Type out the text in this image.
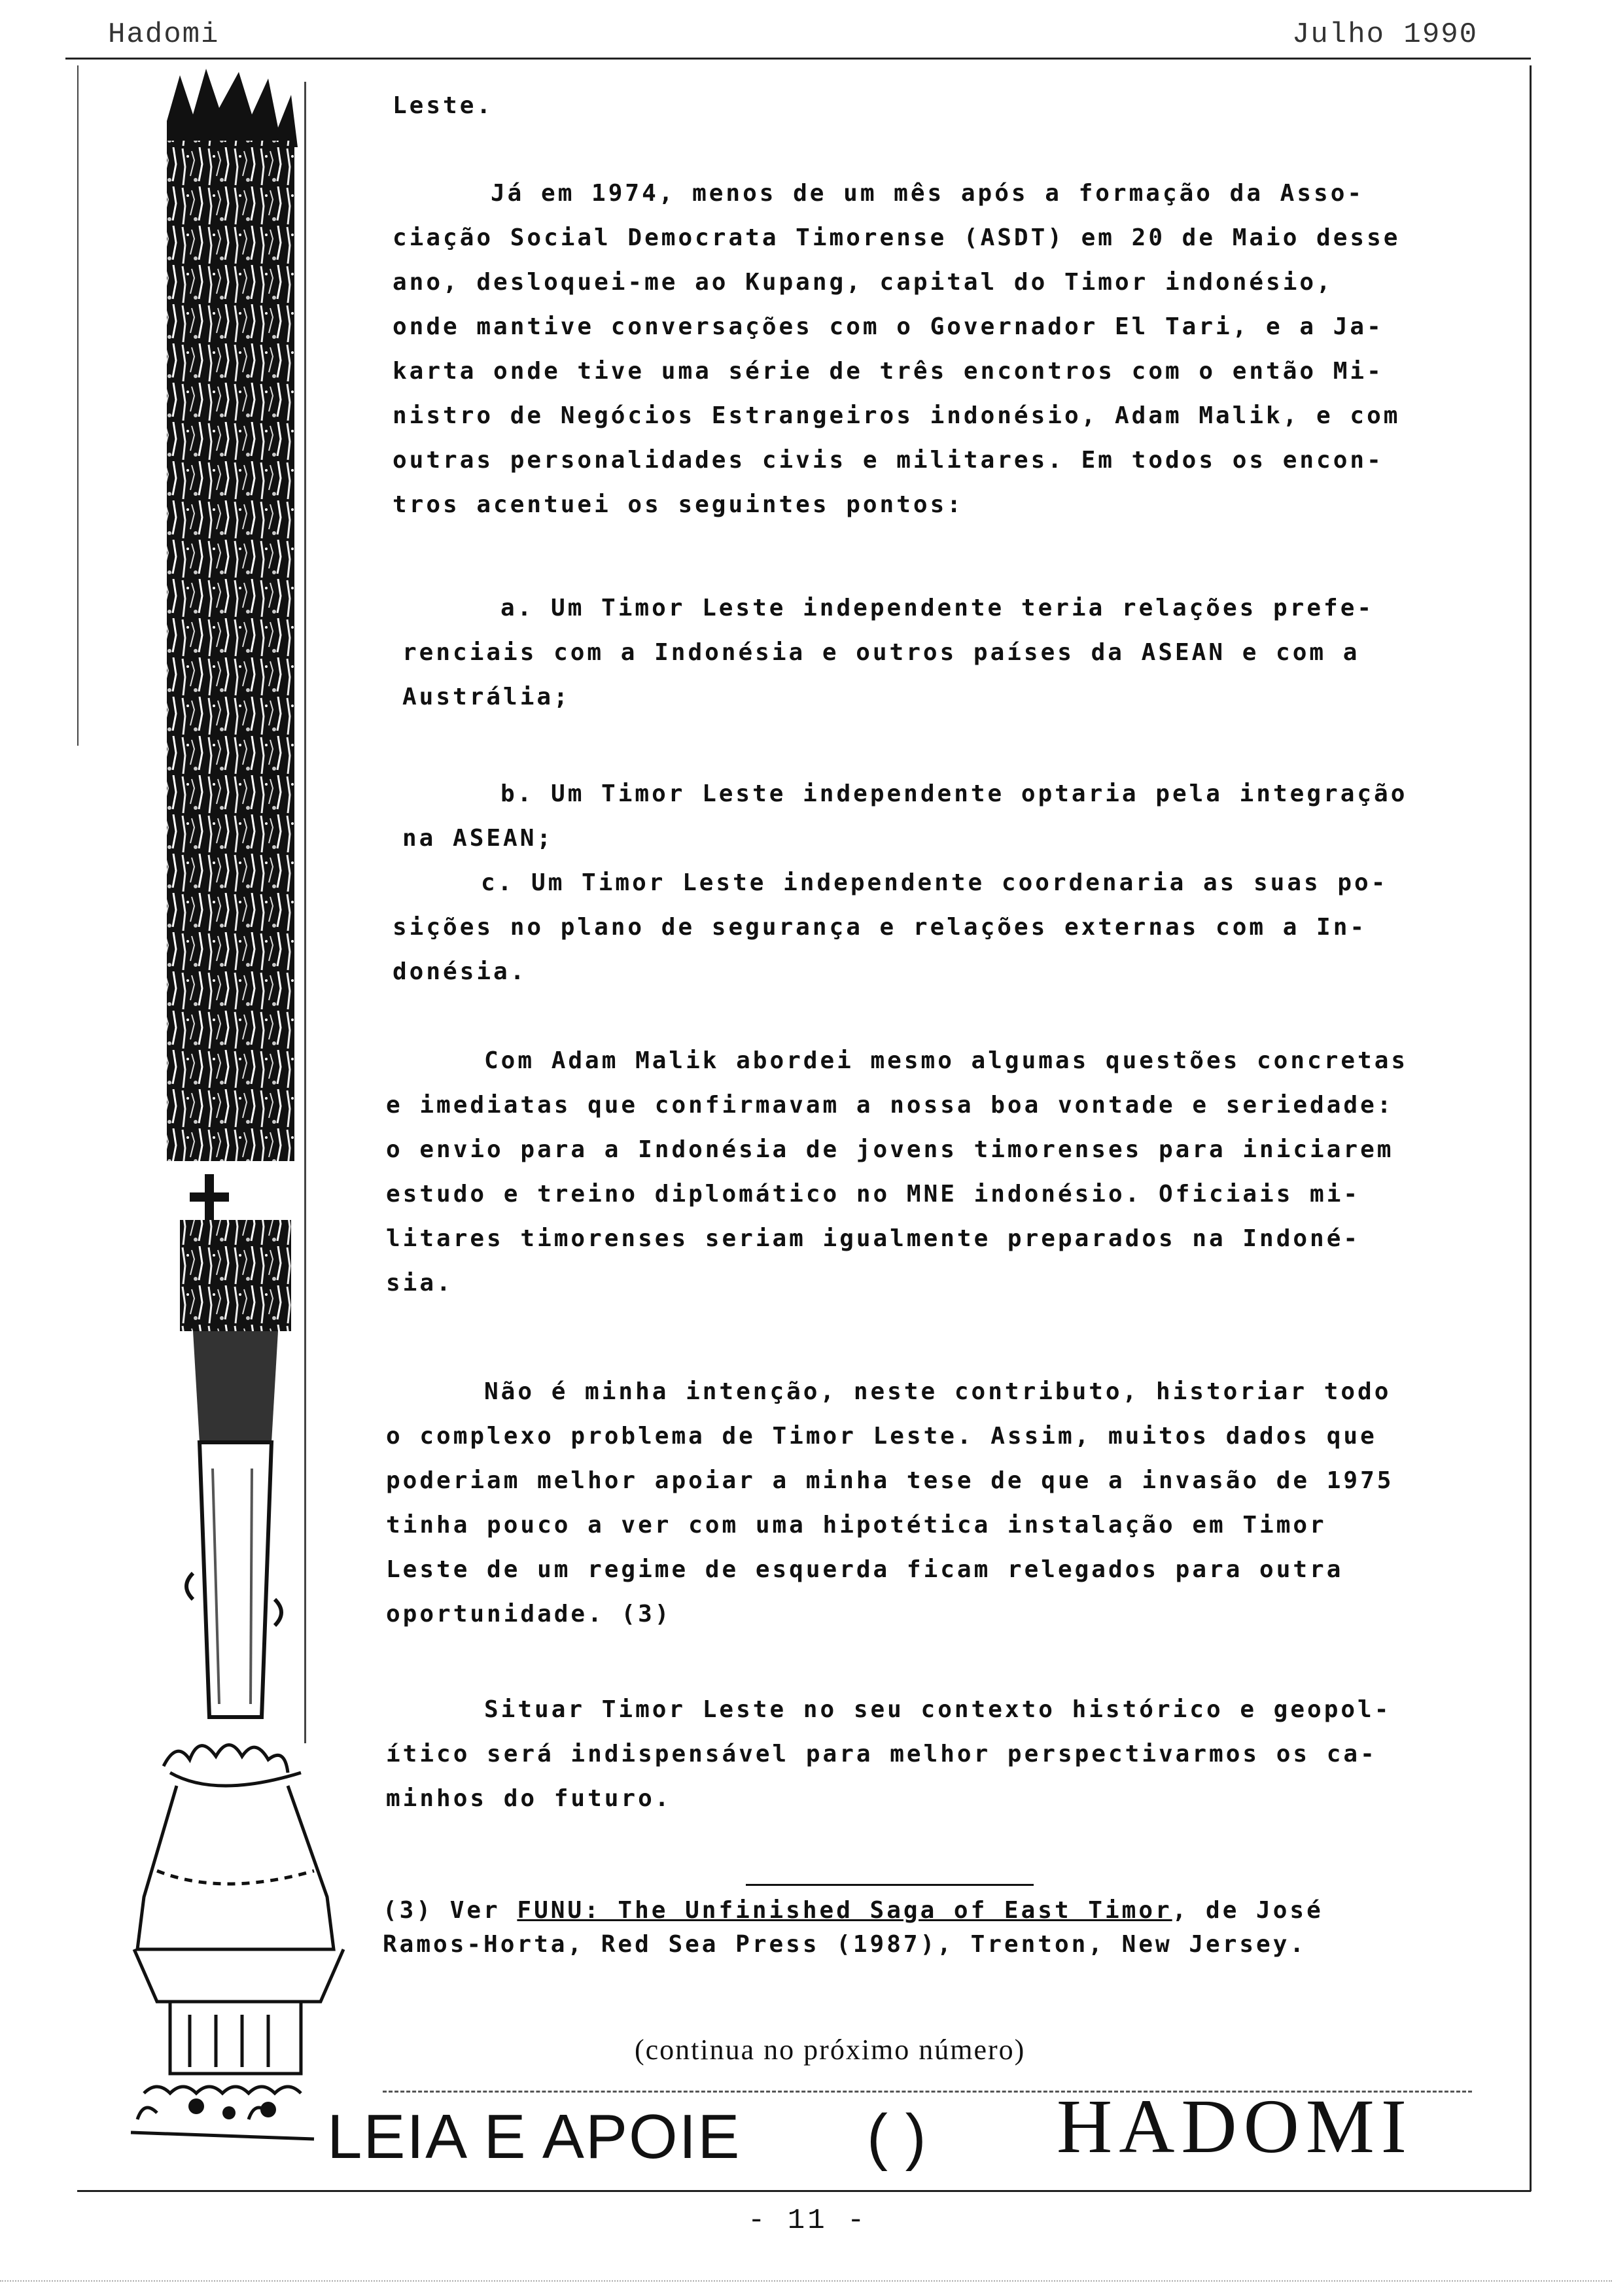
Hadomi	Julho 1990
Leste.
Já em 1974, menos de um mês após a formação da Asso-
ciação Social Democrata Timorense (ASDT) em 20 de Maio desse
ano, desloquei-me ao Kupang, capital do Timor indonésio,
onde mantive conversações com o Governador El Tari, e a Ja-
karta onde tive uma série de três encontros com o então Mi-
nistro de Negócios Estrangeiros indonésio, Adam Malik, e com
outras personalidades civis e militares. Em todos os encon-
tros acentuei os seguintes pontos:
a. Um Timor Leste independente teria relações prefe-
renciais com a Indonésia e outros países da ASEAN e com a
Austrália;
b. Um Timor Leste independente optaria pela integração
na ASEAN;
c. Um Timor Leste independente coordenaria as suas po-
sições no plano de segurança e relações externas com a In-
donésia.
Com Adam Malik abordei mesmo algumas questões concretas
e imediatas que confirmavam a nossa boa vontade e seriedade:
o envio para a Indonésia de jovens timorenses para iniciarem
estudo e treino diplomático no MNE indonésio. Oficiais mi-
litares timorenses seriam igualmente preparados na Indoné-
sia.
Não é minha intenção, neste contributo, historiar todo
o complexo problema de Timor Leste. Assim, muitos dados que
poderiam melhor apoiar a minha tese de que a invasão de 1975
tinha pouco a ver com uma hipotética instalação em Timor
Leste de um regime de esquerda ficam relegados para outra
oportunidade. (3)
Situar Timor Leste no seu contexto histórico e geopol-
ítico será indispensável para melhor perspectivarmos os ca-
minhos do futuro.
(3) Ver FUNU: The Unfinished Saga of East Timor, de José
Ramos-Horta, Red Sea Press (1987), Trenton, New Jersey.
(continua no próximo número)
LEIA E APOIE ( ) HADOMI
- 11 -
